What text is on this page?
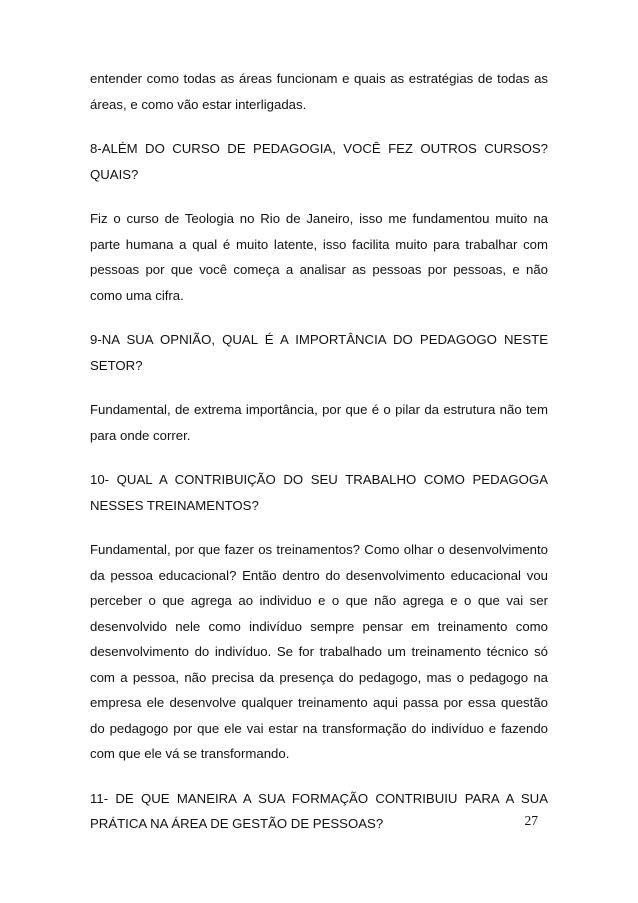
entender como todas as áreas funcionam e quais as estratégias de todas as áreas, e como vão estar interligadas.

8-ALÉM DO CURSO DE PEDAGOGIA, VOCÊ FEZ OUTROS CURSOS? QUAIS?

Fiz o curso de Teologia no Rio de Janeiro, isso me fundamentou muito na parte humana a qual é muito latente, isso facilita muito para trabalhar com pessoas por que você começa a analisar as pessoas por pessoas, e não como uma cifra.

9-NA SUA OPNIÃO, QUAL É A IMPORTÂNCIA DO PEDAGOGO NESTE SETOR?

Fundamental, de extrema importância, por que é o pilar da estrutura não tem para onde correr.

10- QUAL A CONTRIBUIÇÃO DO SEU TRABALHO COMO PEDAGOGA NESSES TREINAMENTOS?

Fundamental, por que fazer os treinamentos? Como olhar o desenvolvimento da pessoa educacional? Então dentro do desenvolvimento educacional vou perceber o que agrega ao individuo e o que não agrega e o que vai ser desenvolvido nele como indivíduo sempre pensar em treinamento como desenvolvimento do indivíduo. Se for trabalhado um treinamento técnico só com a pessoa, não precisa da presença do pedagogo, mas o pedagogo na empresa ele desenvolve qualquer treinamento aqui passa por essa questão do pedagogo por que ele vai estar na transformação do indivíduo e fazendo com que ele vá se transformando.

11- DE QUE MANEIRA A SUA FORMAÇÃO CONTRIBUIU PARA A SUA PRÁTICA NA ÁREA DE GESTÃO DE PESSOAS?	27
